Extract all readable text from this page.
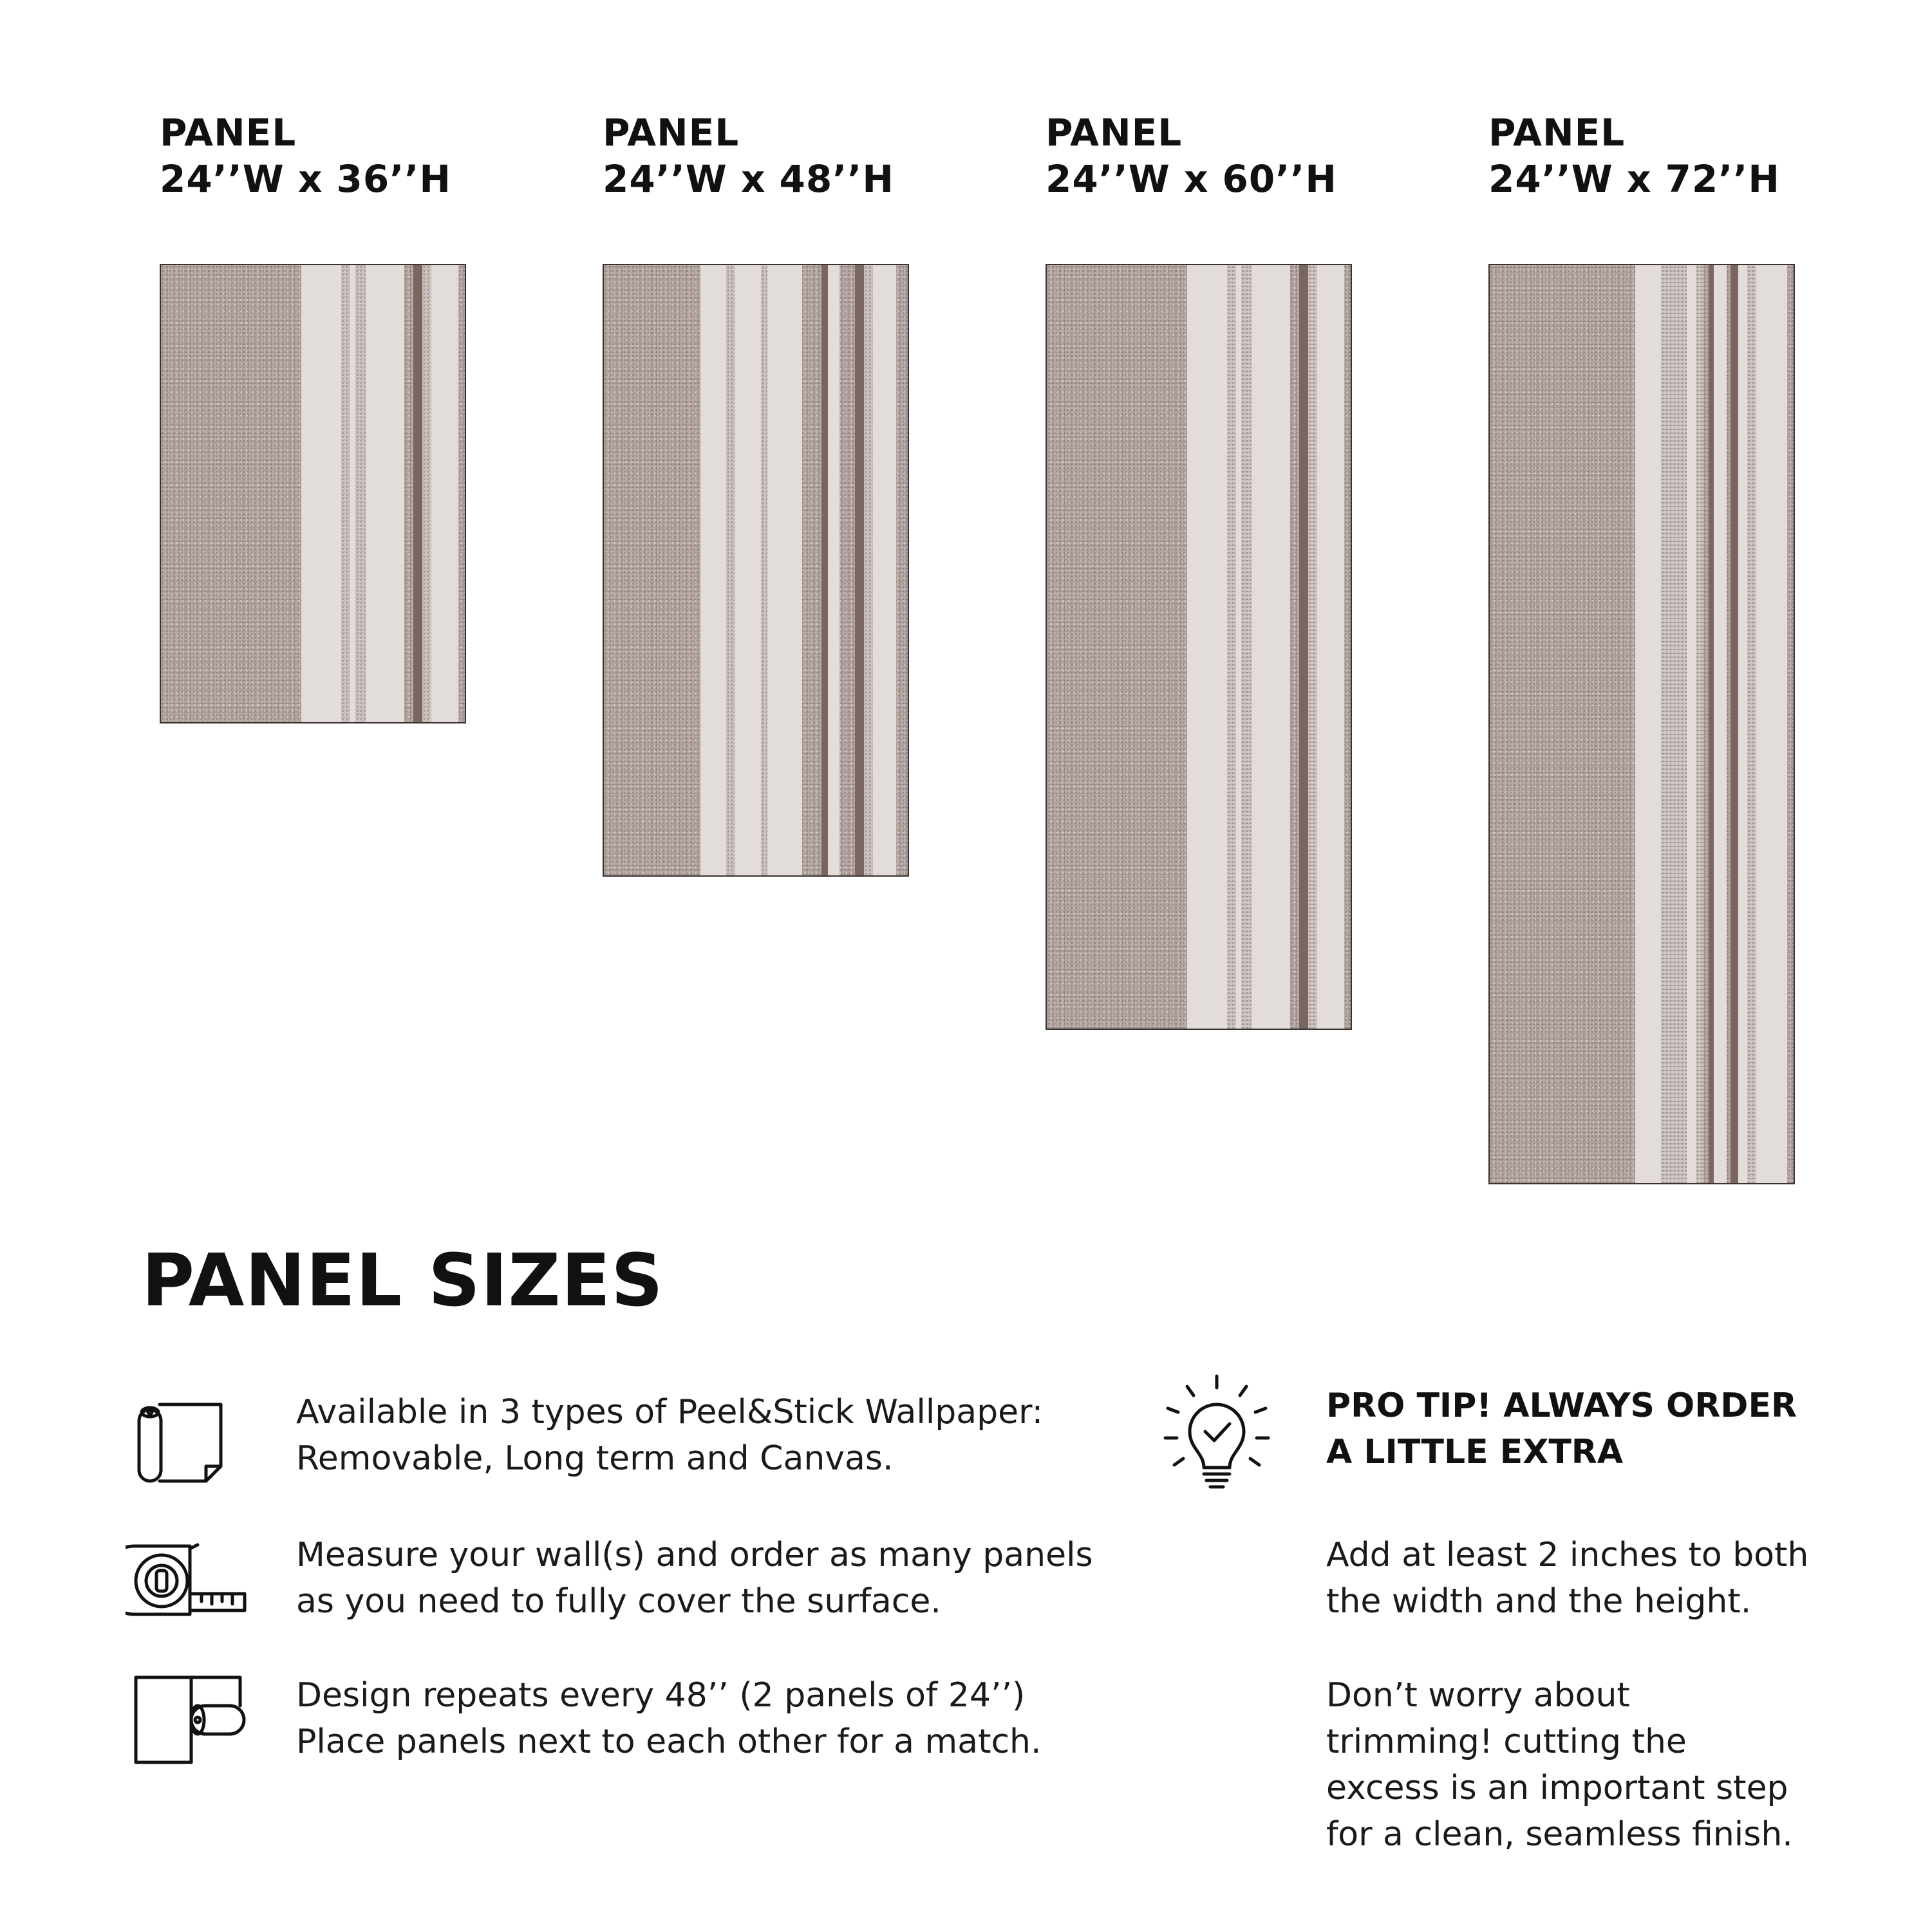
PANEL
24’’W x 36’’H
PANEL
24’’W x 48’’H
PANEL
24’’W x 60’’H
PANEL
24’’W x 72’’H
PANEL SIZES
Available in 3 types of Peel&Stick Wallpaper:
Removable, Long term and Canvas.
Measure your wall(s) and order as many panels
as you need to fully cover the surface.
Design repeats every 48’’ (2 panels of 24’’)
Place panels next to each other for a match.
PRO TIP! ALWAYS ORDER
A LITTLE EXTRA
Add at least 2 inches to both
the width and the height.
Don’t worry about
trimming! cutting the
excess is an important step
for a clean, seamless finish.
